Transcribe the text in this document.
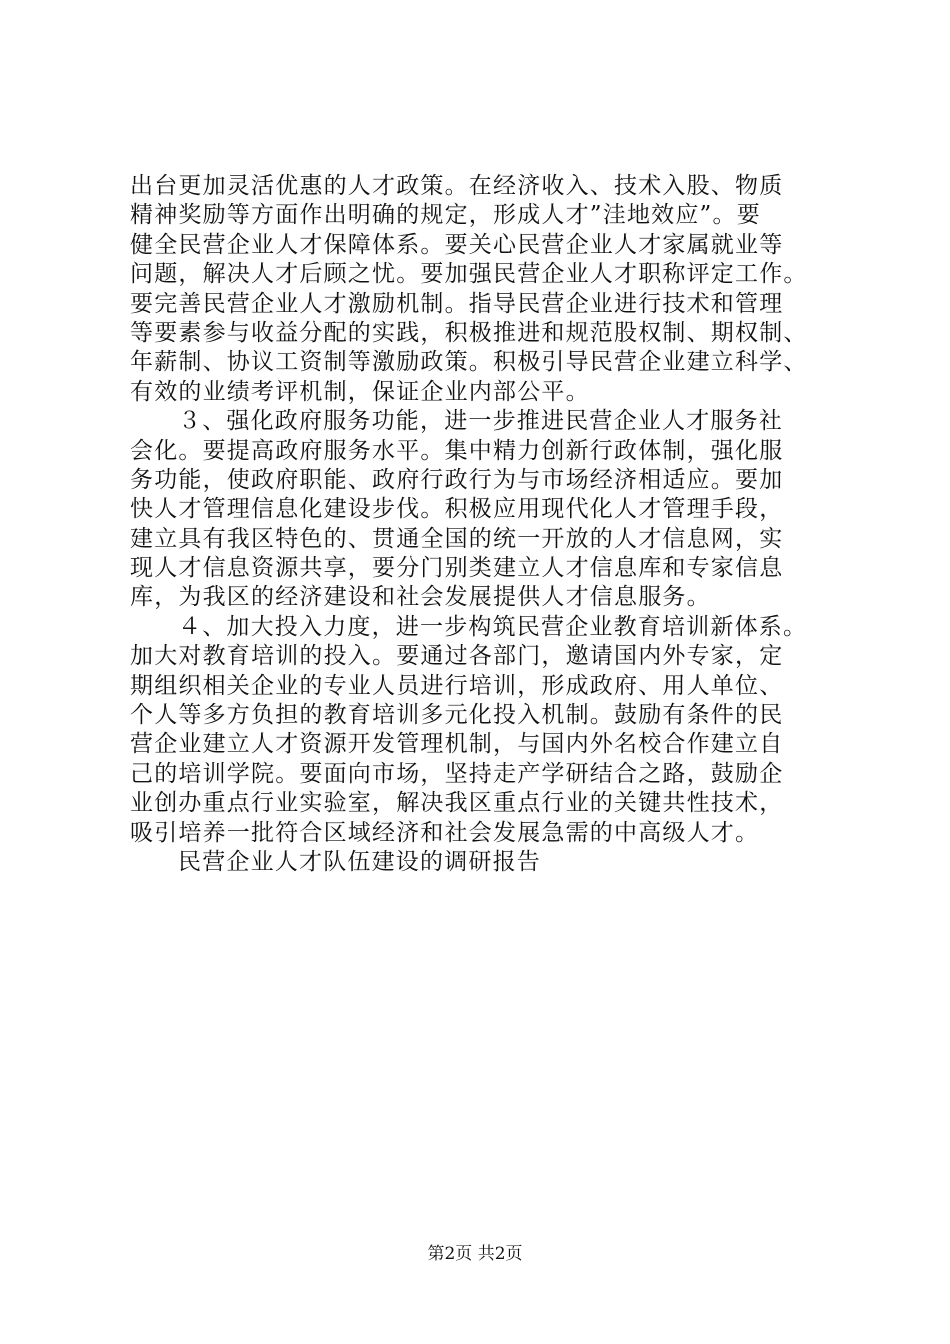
出台更加灵活优惠的人才政策。在经济收入、技术入股、物质
精神奖励等方面作出明确的规定，形成人才”洼地效应”。要
健全民营企业人才保障体系。要关心民营企业人才家属就业等
问题，解决人才后顾之忧。要加强民营企业人才职称评定工作。
要完善民营企业人才激励机制。指导民营企业进行技术和管理
等要素参与收益分配的实践，积极推进和规范股权制、期权制、
年薪制、协议工资制等激励政策。积极引导民营企业建立科学、
有效的业绩考评机制，保证企业内部公平。
３、强化政府服务功能，进一步推进民营企业人才服务社
会化。要提高政府服务水平。集中精力创新行政体制，强化服
务功能，使政府职能、政府行政行为与市场经济相适应。要加
快人才管理信息化建设步伐。积极应用现代化人才管理手段，
建立具有我区特色的、贯通全国的统一开放的人才信息网，实
现人才信息资源共享，要分门别类建立人才信息库和专家信息
库，为我区的经济建设和社会发展提供人才信息服务。
４、加大投入力度，进一步构筑民营企业教育培训新体系。
加大对教育培训的投入。要通过各部门，邀请国内外专家，定
期组织相关企业的专业人员进行培训，形成政府、用人单位、
个人等多方负担的教育培训多元化投入机制。鼓励有条件的民
营企业建立人才资源开发管理机制，与国内外名校合作建立自
己的培训学院。要面向市场，坚持走产学研结合之路，鼓励企
业创办重点行业实验室，解决我区重点行业的关键共性技术，
吸引培养一批符合区域经济和社会发展急需的中高级人才。
民营企业人才队伍建设的调研报告
第2页 共2页
